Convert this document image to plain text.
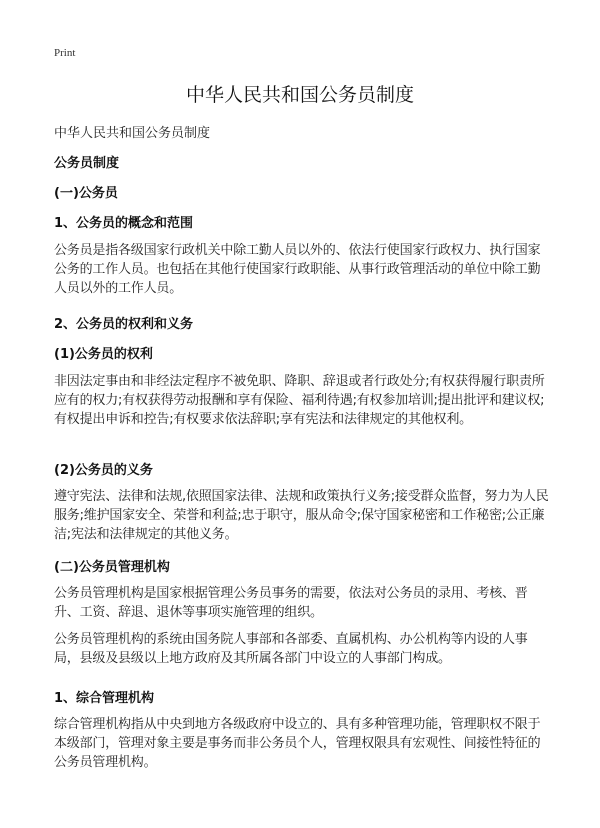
Print
中华人民共和国公务员制度
中华人民共和国公务员制度
公务员制度
(一)公务员
1、公务员的概念和范围
公务员是指各级国家行政机关中除工勤人员以外的、依法行使国家行政权力、执行国家公务的工作人员。也包括在其他行使国家行政职能、从事行政管理活动的单位中除工勤人员以外的工作人员。
2、公务员的权利和义务
(1)公务员的权利
非因法定事由和非经法定程序不被免职、降职、辞退或者行政处分;有权获得履行职责所应有的权力;有权获得劳动报酬和享有保险、福利待遇;有权参加培训;提出批评和建议权;有权提出申诉和控告;有权要求依法辞职;享有宪法和法律规定的其他权利。
(2)公务员的义务
遵守宪法、法律和法规,依照国家法律、法规和政策执行义务;接受群众监督，努力为人民服务;维护国家安全、荣誉和利益;忠于职守，服从命令;保守国家秘密和工作秘密;公正廉洁;宪法和法律规定的其他义务。
(二)公务员管理机构
公务员管理机构是国家根据管理公务员事务的需要，依法对公务员的录用、考核、晋升、工资、辞退、退休等事项实施管理的组织。
公务员管理机构的系统由国务院人事部和各部委、直属机构、办公机构等内设的人事局，县级及县级以上地方政府及其所属各部门中设立的人事部门构成。
1、综合管理机构
综合管理机构指从中央到地方各级政府中设立的、具有多种管理功能，管理职权不限于本级部门，管理对象主要是事务而非公务员个人，管理权限具有宏观性、间接性特征的公务员管理机构。
